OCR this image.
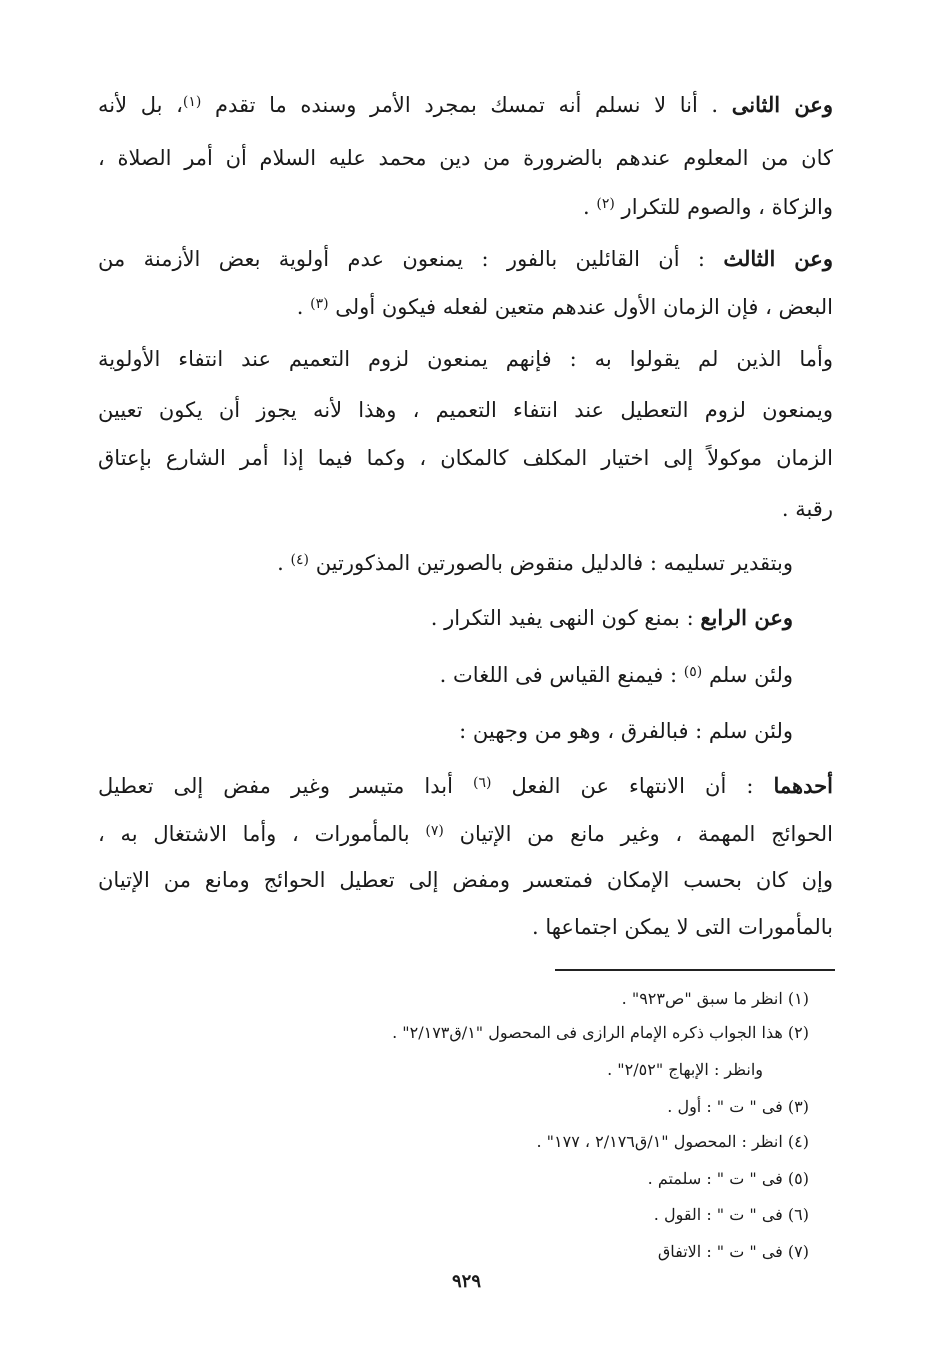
وعن الثانى . أنا لا نسلم أنه تمسك بمجرد الأمر وسنده ما تقدم $^{(١)}$، بل لأنه
كان من المعلوم عندهم بالضرورة من دين محمد عليه السلام أن أمر الصلاة ،
والزكاة ، والصوم للتكرار $^{(٢)}$ .
وعن الثالث : أن القائلين بالفور : يمنعون عدم أولوية بعض الأزمنة من
البعض ، فإن الزمان الأول عندهم متعين لفعله فيكون أولى $^{(٣)}$ .
وأما الذين لم يقولوا به : فإنهم يمنعون لزوم التعميم عند انتفاء الأولوية
ويمنعون لزوم التعطيل عند انتفاء التعميم ، وهذا لأنه يجوز أن يكون تعيين
الزمان موكولاً إلى اختيار المكلف كالمكان ، وكما فيما إذا أمر الشارع بإعتاق
رقبة .
وبتقدير تسليمه : فالدليل منقوض بالصورتين المذكورتين $^{(٤)}$ .
وعن الرابع : بمنع كون النهى يفيد التكرار .
ولئن سلم $^{(٥)}$ : فيمنع القياس فى اللغات .
ولئن سلم : فبالفرق ، وهو من وجهين :
أحدهما : أن الانتهاء عن الفعل $^{(٦)}$ أبدا متيسر وغير مفض إلى تعطيل
الحوائج المهمة ، وغير مانع من الإتيان $^{(٧)}$ بالمأمورات ، وأما الاشتغال به ،
وإن كان بحسب الإمكان فمتعسر ومفض إلى تعطيل الحوائج ومانع من الإتيان
بالمأمورات التى لا يمكن اجتماعها .
(١) انظر ما سبق "ص٩٢٣" .
(٢) هذا الجواب ذكره الإمام الرازى فى المحصول "١/ق٢/١٧٣" .
وانظر : الإبهاج "٢/٥٢" .
(٣) فى " ت " : أول .
(٤) انظر : المحصول "١/ق٢/١٧٦ ، ١٧٧" .
(٥) فى " ت " : سلمتم .
(٦) فى " ت " : القول .
(٧) فى " ت " : الاتفاق
٩٢٩
